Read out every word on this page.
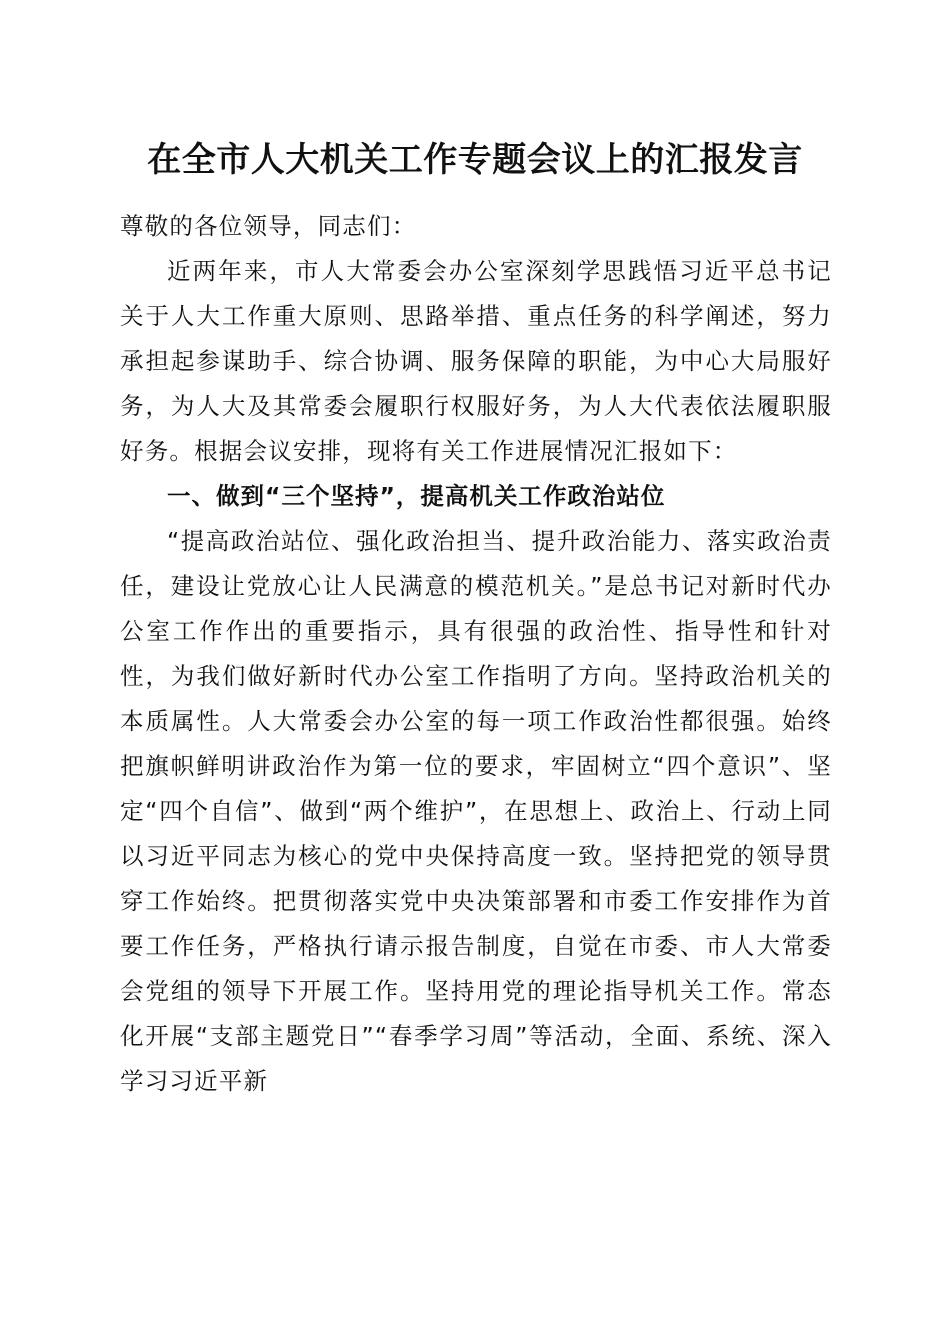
在全市人大机关工作专题会议上的汇报发言

尊敬的各位领导，同志们：

近两年来，市人大常委会办公室深刻学思践悟习近平总书记关于人大工作重大原则、思路举措、重点任务的科学阐述，努力承担起参谋助手、综合协调、服务保障的职能，为中心大局服好务，为人大及其常委会履职行权服好务，为人大代表依法履职服好务。根据会议安排，现将有关工作进展情况汇报如下：

一、做到“三个坚持”，提高机关工作政治站位

“提高政治站位、强化政治担当、提升政治能力、落实政治责任，建设让党放心让人民满意的模范机关。”是总书记对新时代办公室工作作出的重要指示，具有很强的政治性、指导性和针对性，为我们做好新时代办公室工作指明了方向。坚持政治机关的本质属性。人大常委会办公室的每一项工作政治性都很强。始终把旗帜鲜明讲政治作为第一位的要求，牢固树立“四个意识”、坚定“四个自信”、做到“两个维护”，在思想上、政治上、行动上同以习近平同志为核心的党中央保持高度一致。坚持把党的领导贯穿工作始终。把贯彻落实党中央决策部署和市委工作安排作为首要工作任务，严格执行请示报告制度，自觉在市委、市人大常委会党组的领导下开展工作。坚持用党的理论指导机关工作。常态化开展“支部主题党日”“春季学习周”等活动，全面、系统、深入学习习近平新
